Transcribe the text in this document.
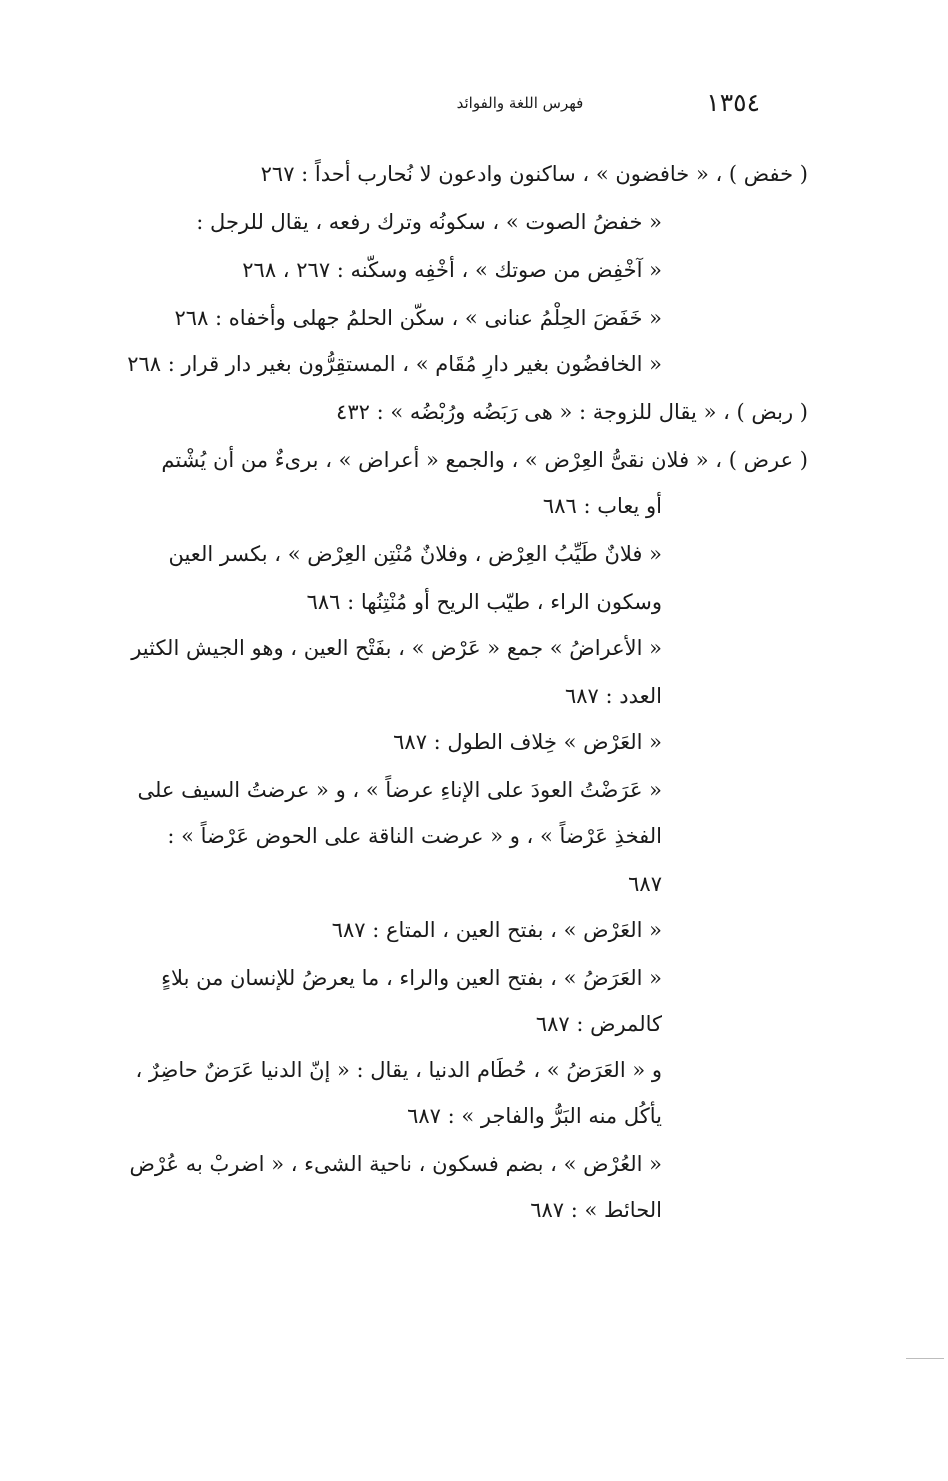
١٣٥٤
فهرس اللغة والفوائد
( خفض ) ، « خافضون » ، ساكنون وادعون لا نُحارب أحداً : ٢٦٧
« خفضُ الصوت » ، سكونُه وترك رفعه ، يقال للرجل :
« آخْفِض من صوتك » ، أخْفِه وسكّنه : ٢٦٧ ، ٢٦٨
« خَفَضَ الحِلْمُ عنانى » ، سكّن الحلمُ جهلى وأخفاه : ٢٦٨
« الخافضُون بغير دارِ مُقَام » ، المستقِرُّون بغير دار قرار : ٢٦٨
( ربض ) ، « يقال للزوجة : « هى رَبَضُه ورُبْضُه » : ٤٣٢
( عرض ) ، « فلان نقىُّ العِرْض » ، والجمع « أعراض » ، برىءٌ من أن يُشْتم
أو يعاب : ٦٨٦
« فلانٌ طَيِّبُ العِرْض ، وفلانٌ مُنْتِن العِرْض » ، بكسر العين
وسكون الراء ، طيّب الريح أو مُنْتِنُها : ٦٨٦
« الأعراضُ » جمع « عَرْض » ، بفَتْح العين ، وهو الجيش الكثير
العدد : ٦٨٧
« العَرْض » خِلاف الطول : ٦٨٧
« عَرَضْتُ العودَ على الإناءِ عرضاً » ، و « عرضتُ السيف على
الفخذِ عَرْضاً » ، و « عرضت الناقة على الحوض عَرْضاً » :
٦٨٧
« العَرْض » ، بفتح العين ، المتاع : ٦٨٧
« العَرَضُ » ، بفتح العين والراء ، ما يعرضُ للإنسان من بلاءٍ
كالمرض : ٦٨٧
و « العَرَضُ » ، حُطَام الدنيا ، يقال : « إنّ الدنيا عَرَضٌ حاضِرٌ ،
يأكُل منه البَرُّ والفاجر » : ٦٨٧
« العُرْض » ، بضم فسكون ، ناحية الشىء ، « اضربْ به عُرْض
الحائط » : ٦٨٧
